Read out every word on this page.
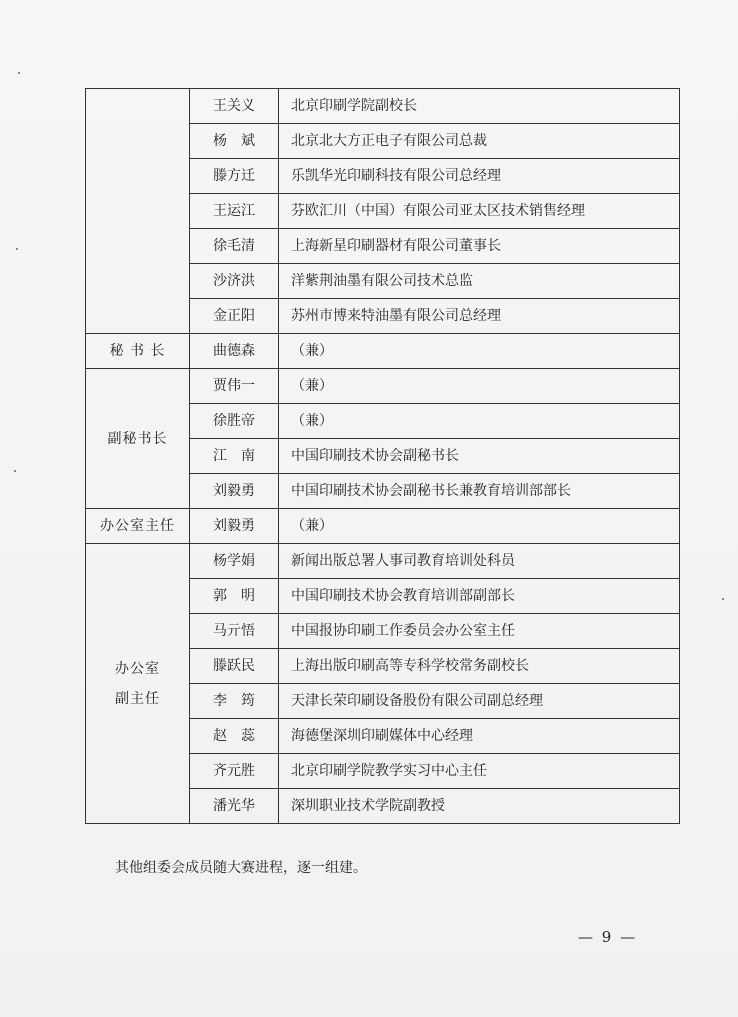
	王关义	北京印刷学院副校长
	杨　斌	北京北大方正电子有限公司总裁
	滕方迁	乐凯华光印刷科技有限公司总经理
	王运江	芬欧汇川（中国）有限公司亚太区技术销售经理
	徐毛清	上海新星印刷器材有限公司董事长
	沙济洪	洋紫荆油墨有限公司技术总监
	金正阳	苏州市博来特油墨有限公司总经理
秘 书 长	曲德森	（兼）
副秘书长	贾伟一	（兼）
	徐胜帝	（兼）
	江　南	中国印刷技术协会副秘书长
	刘毅勇	中国印刷技术协会副秘书长兼教育培训部部长
办公室主任	刘毅勇	（兼）

办公室
副主任	杨学娟	新闻出版总署人事司教育培训处科员
	郭　明	中国印刷技术协会教育培训部副部长
	马亓悟	中国报协印刷工作委员会办公室主任
	滕跃民	上海出版印刷高等专科学校常务副校长
	李　筠	天津长荣印刷设备股份有限公司副总经理
	赵　蕊	海德堡深圳印刷媒体中心经理
	齐元胜	北京印刷学院教学实习中心主任
	潘光华	深圳职业技术学院副教授
其他组委会成员随大赛进程，逐一组建。
— 9 —
